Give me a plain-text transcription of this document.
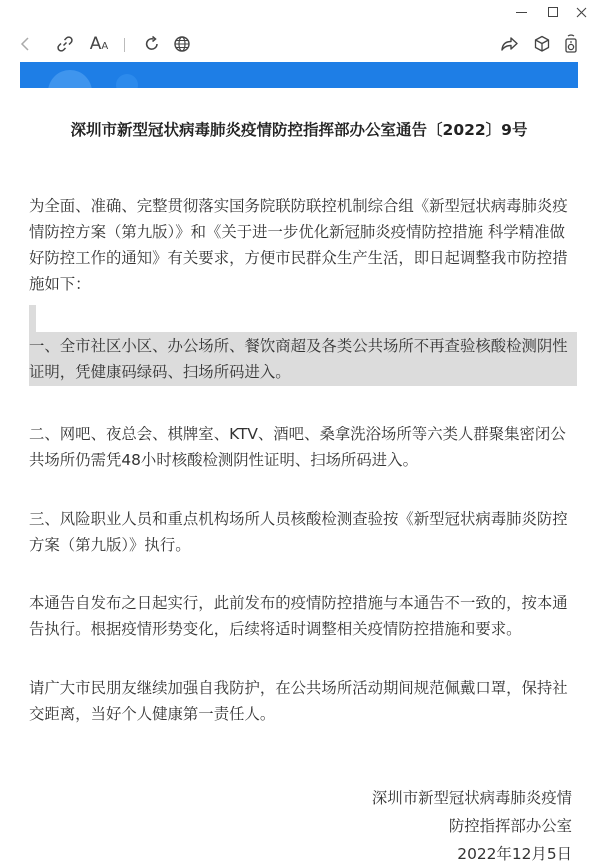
A A
深圳市新型冠状病毒肺炎疫情防控指挥部办公室通告〔2022〕9号
为全面、准确、完整贯彻落实国务院联防联控机制综合组《新型冠状病毒肺炎疫情防控方案（第九版）》和《关于进一步优化新冠肺炎疫情防控措施 科学精准做好防控工作的通知》有关要求，方便市民群众生产生活，即日起调整我市防控措施如下：
一、全市社区小区、办公场所、餐饮商超及各类公共场所不再查验核酸检测阴性证明，凭健康码绿码、扫场所码进入。
二、网吧、夜总会、棋牌室、KTV、酒吧、桑拿洗浴场所等六类人群聚集密闭公共场所仍需凭48小时核酸检测阴性证明、扫场所码进入。
三、风险职业人员和重点机构场所人员核酸检测查验按《新型冠状病毒肺炎防控方案（第九版）》执行。
本通告自发布之日起实行，此前发布的疫情防控措施与本通告不一致的，按本通告执行。根据疫情形势变化，后续将适时调整相关疫情防控措施和要求。
请广大市民朋友继续加强自我防护，在公共场所活动期间规范佩戴口罩，保持社交距离，当好个人健康第一责任人。
深圳市新型冠状病毒肺炎疫情
防控指挥部办公室
2022年12月5日
